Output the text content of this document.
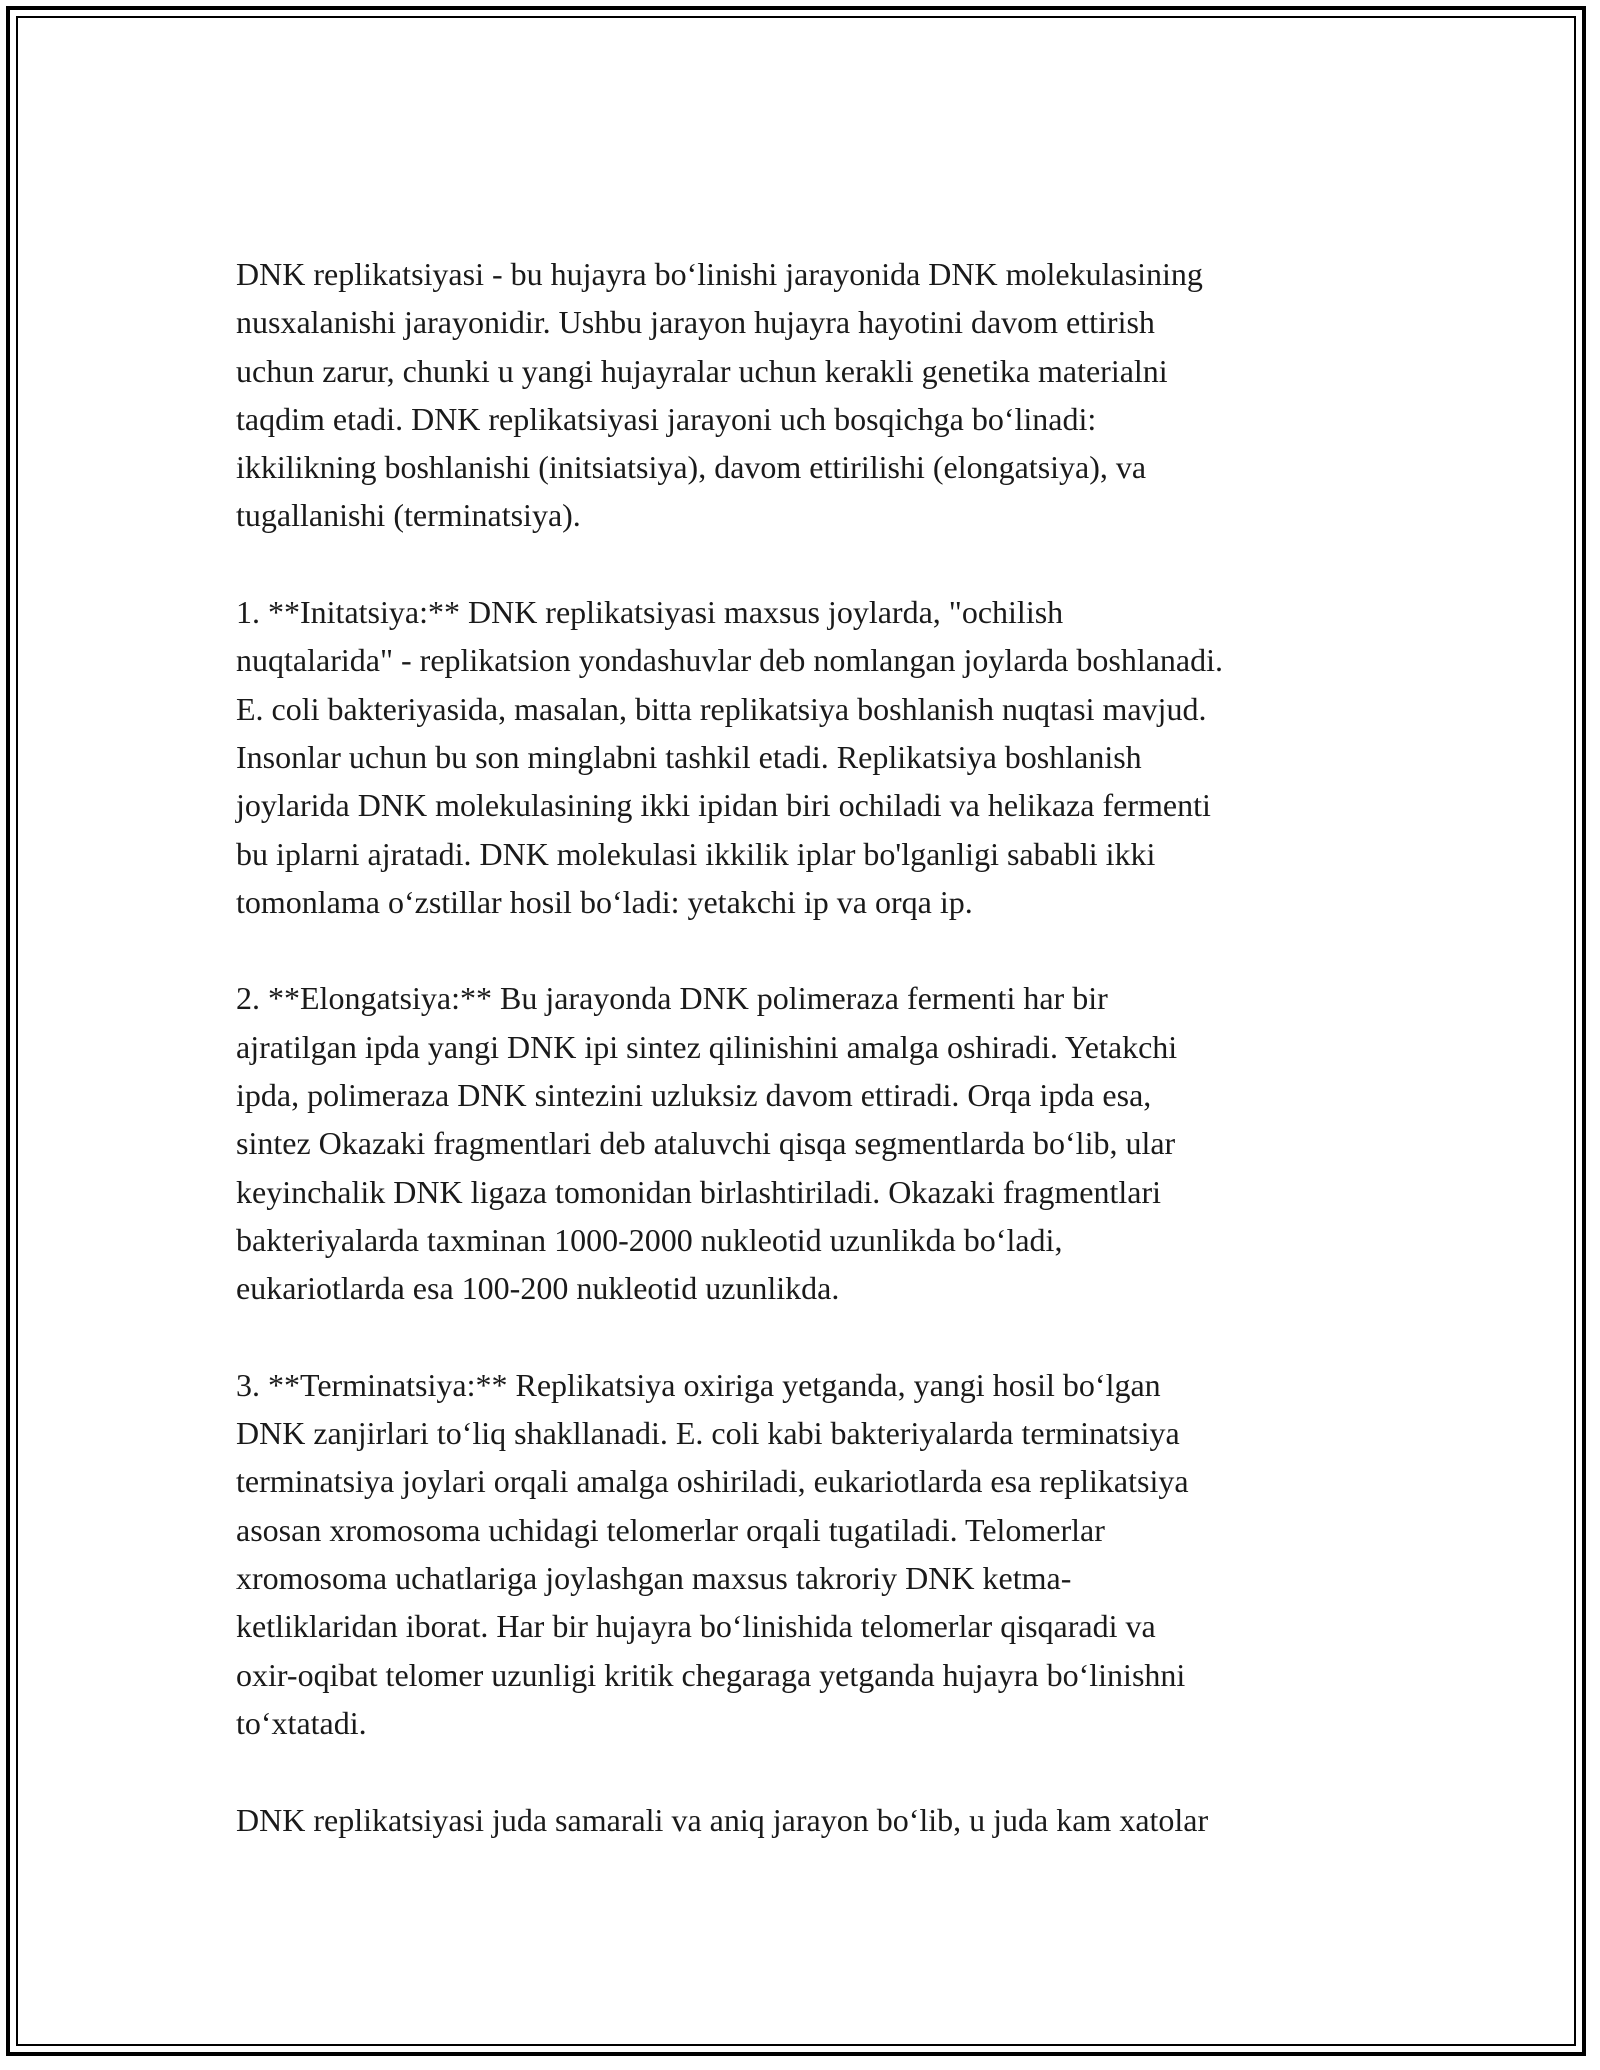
DNK replikatsiyasi - bu hujayra bo‘linishi jarayonida DNK molekulasining
nusxalanishi jarayonidir. Ushbu jarayon hujayra hayotini davom ettirish
uchun zarur, chunki u yangi hujayralar uchun kerakli genetika materialni
taqdim etadi. DNK replikatsiyasi jarayoni uch bosqichga bo‘linadi:
ikkilikning boshlanishi (initsiatsiya), davom ettirilishi (elongatsiya), va
tugallanishi (terminatsiya).
1. **Initatsiya:** DNK replikatsiyasi maxsus joylarda, "ochilish
nuqtalarida" - replikatsion yondashuvlar deb nomlangan joylarda boshlanadi.
E. coli bakteriyasida, masalan, bitta replikatsiya boshlanish nuqtasi mavjud.
Insonlar uchun bu son minglabni tashkil etadi. Replikatsiya boshlanish
joylarida DNK molekulasining ikki ipidan biri ochiladi va helikaza fermenti
bu iplarni ajratadi. DNK molekulasi ikkilik iplar bo'lganligi sababli ikki
tomonlama o‘zstillar hosil bo‘ladi: yetakchi ip va orqa ip.
2. **Elongatsiya:** Bu jarayonda DNK polimeraza fermenti har bir
ajratilgan ipda yangi DNK ipi sintez qilinishini amalga oshiradi. Yetakchi
ipda, polimeraza DNK sintezini uzluksiz davom ettiradi. Orqa ipda esa,
sintez Okazaki fragmentlari deb ataluvchi qisqa segmentlarda bo‘lib, ular
keyinchalik DNK ligaza tomonidan birlashtiriladi. Okazaki fragmentlari
bakteriyalarda taxminan 1000-2000 nukleotid uzunlikda bo‘ladi,
eukariotlarda esa 100-200 nukleotid uzunlikda.
3. **Terminatsiya:** Replikatsiya oxiriga yetganda, yangi hosil bo‘lgan
DNK zanjirlari to‘liq shakllanadi. E. coli kabi bakteriyalarda terminatsiya
terminatsiya joylari orqali amalga oshiriladi, eukariotlarda esa replikatsiya
asosan xromosoma uchidagi telomerlar orqali tugatiladi. Telomerlar
xromosoma uchatlariga joylashgan maxsus takroriy DNK ketma-
ketliklaridan iborat. Har bir hujayra bo‘linishida telomerlar qisqaradi va
oxir-oqibat telomer uzunligi kritik chegaraga yetganda hujayra bo‘linishni
to‘xtatadi.
DNK replikatsiyasi juda samarali va aniq jarayon bo‘lib, u juda kam xatolar
